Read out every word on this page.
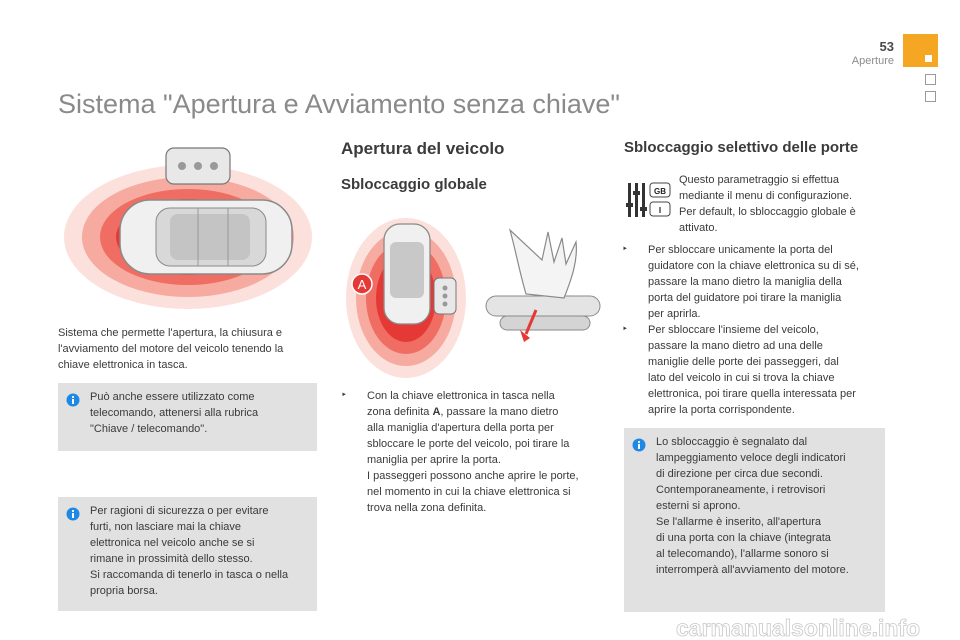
53
Aperture
Sistema "Apertura e Avviamento senza chiave"
Sistema che permette l'apertura, la chiusura e l'avviamento del motore del veicolo tenendo la chiave elettronica in tasca.
Può anche essere utilizzato come
telecomando, attenersi alla rubrica
"Chiave / telecomando".
Per ragioni di sicurezza o per evitare
furti, non lasciare mai la chiave
elettronica nel veicolo anche se si
rimane in prossimità dello stesso.
Si raccomanda di tenerlo in tasca o nella
propria borsa.
Apertura del veicolo
Sbloccaggio globale
A
‣ Con la chiave elettronica in tasca nella
zona definita A, passare la mano dietro
alla maniglia d'apertura della porta per
sbloccare le porte del veicolo, poi tirare la
maniglia per aprire la porta.
I passeggeri possono anche aprire le porte,
nel momento in cui la chiave elettronica si
trova nella zona definita.
Sbloccaggio selettivo delle porte
GB
I
Questo parametraggio si effettua
mediante il menu di configurazione.
Per default, lo sbloccaggio globale è
attivato.
‣ Per sbloccare unicamente la porta del
guidatore con la chiave elettronica su di sé,
passare la mano dietro la maniglia della
porta del guidatore poi tirare la maniglia
per aprirla.
‣ Per sbloccare l'insieme del veicolo,
passare la mano dietro ad una delle
maniglie delle porte dei passeggeri, dal
lato del veicolo in cui si trova la chiave
elettronica, poi tirare quella interessata per
aprire la porta corrispondente.
Lo sbloccaggio è segnalato dal
lampeggiamento veloce degli indicatori
di direzione per circa due secondi.
Contemporaneamente, i retrovisori
esterni si aprono.
Se l'allarme è inserito, all'apertura
di una porta con la chiave (integrata
al telecomando), l'allarme sonoro si
interromperà all'avviamento del motore.
carmanualsonline.info
